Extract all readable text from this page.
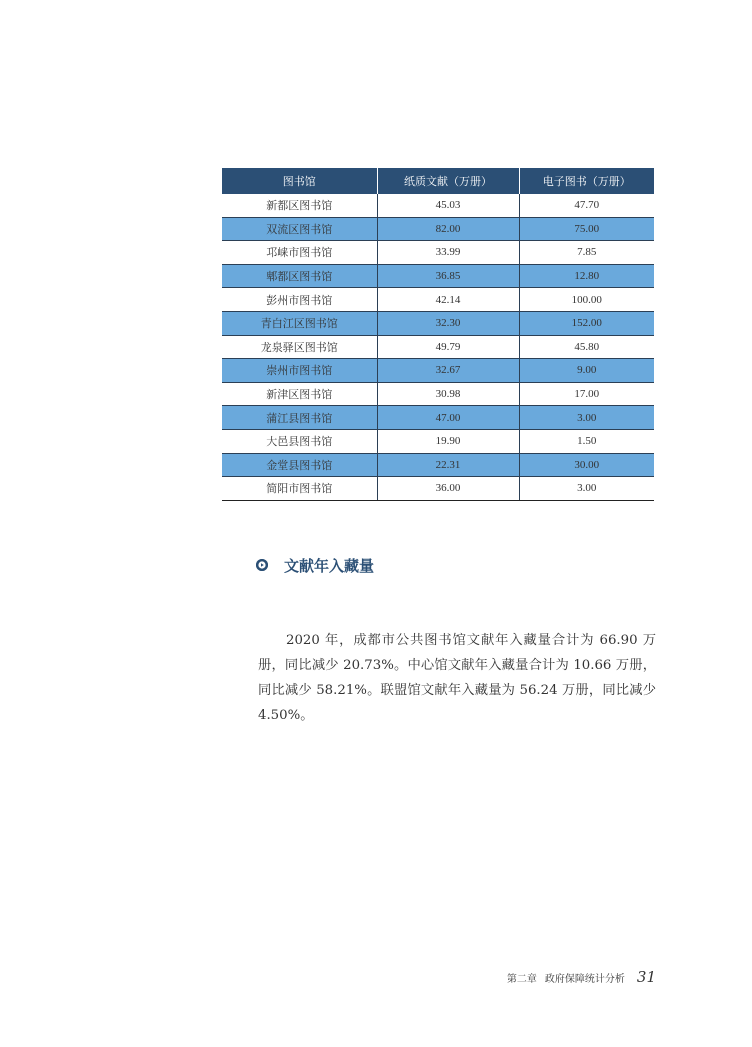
图书馆	纸质文献（万册）	电子图书（万册）
新都区图书馆	45.03	47.70
双流区图书馆	82.00	75.00
邛崃市图书馆	33.99	7.85
郫都区图书馆	36.85	12.80
彭州市图书馆	42.14	100.00
青白江区图书馆	32.30	152.00
龙泉驿区图书馆	49.79	45.80
崇州市图书馆	32.67	9.00
新津区图书馆	30.98	17.00
蒲江县图书馆	47.00	3.00
大邑县图书馆	19.90	1.50
金堂县图书馆	22.31	30.00
简阳市图书馆	36.00	3.00
文献年入藏量

2020 年，成都市公共图书馆文献年入藏量合计为 66.90 万册，同比减少 20.73%。中心馆文献年入藏量合计为 10.66 万册，同比减少 58.21%。联盟馆文献年入藏量为 56.24 万册，同比减少 4.50%。

第二章 政府保障统计分析 31
